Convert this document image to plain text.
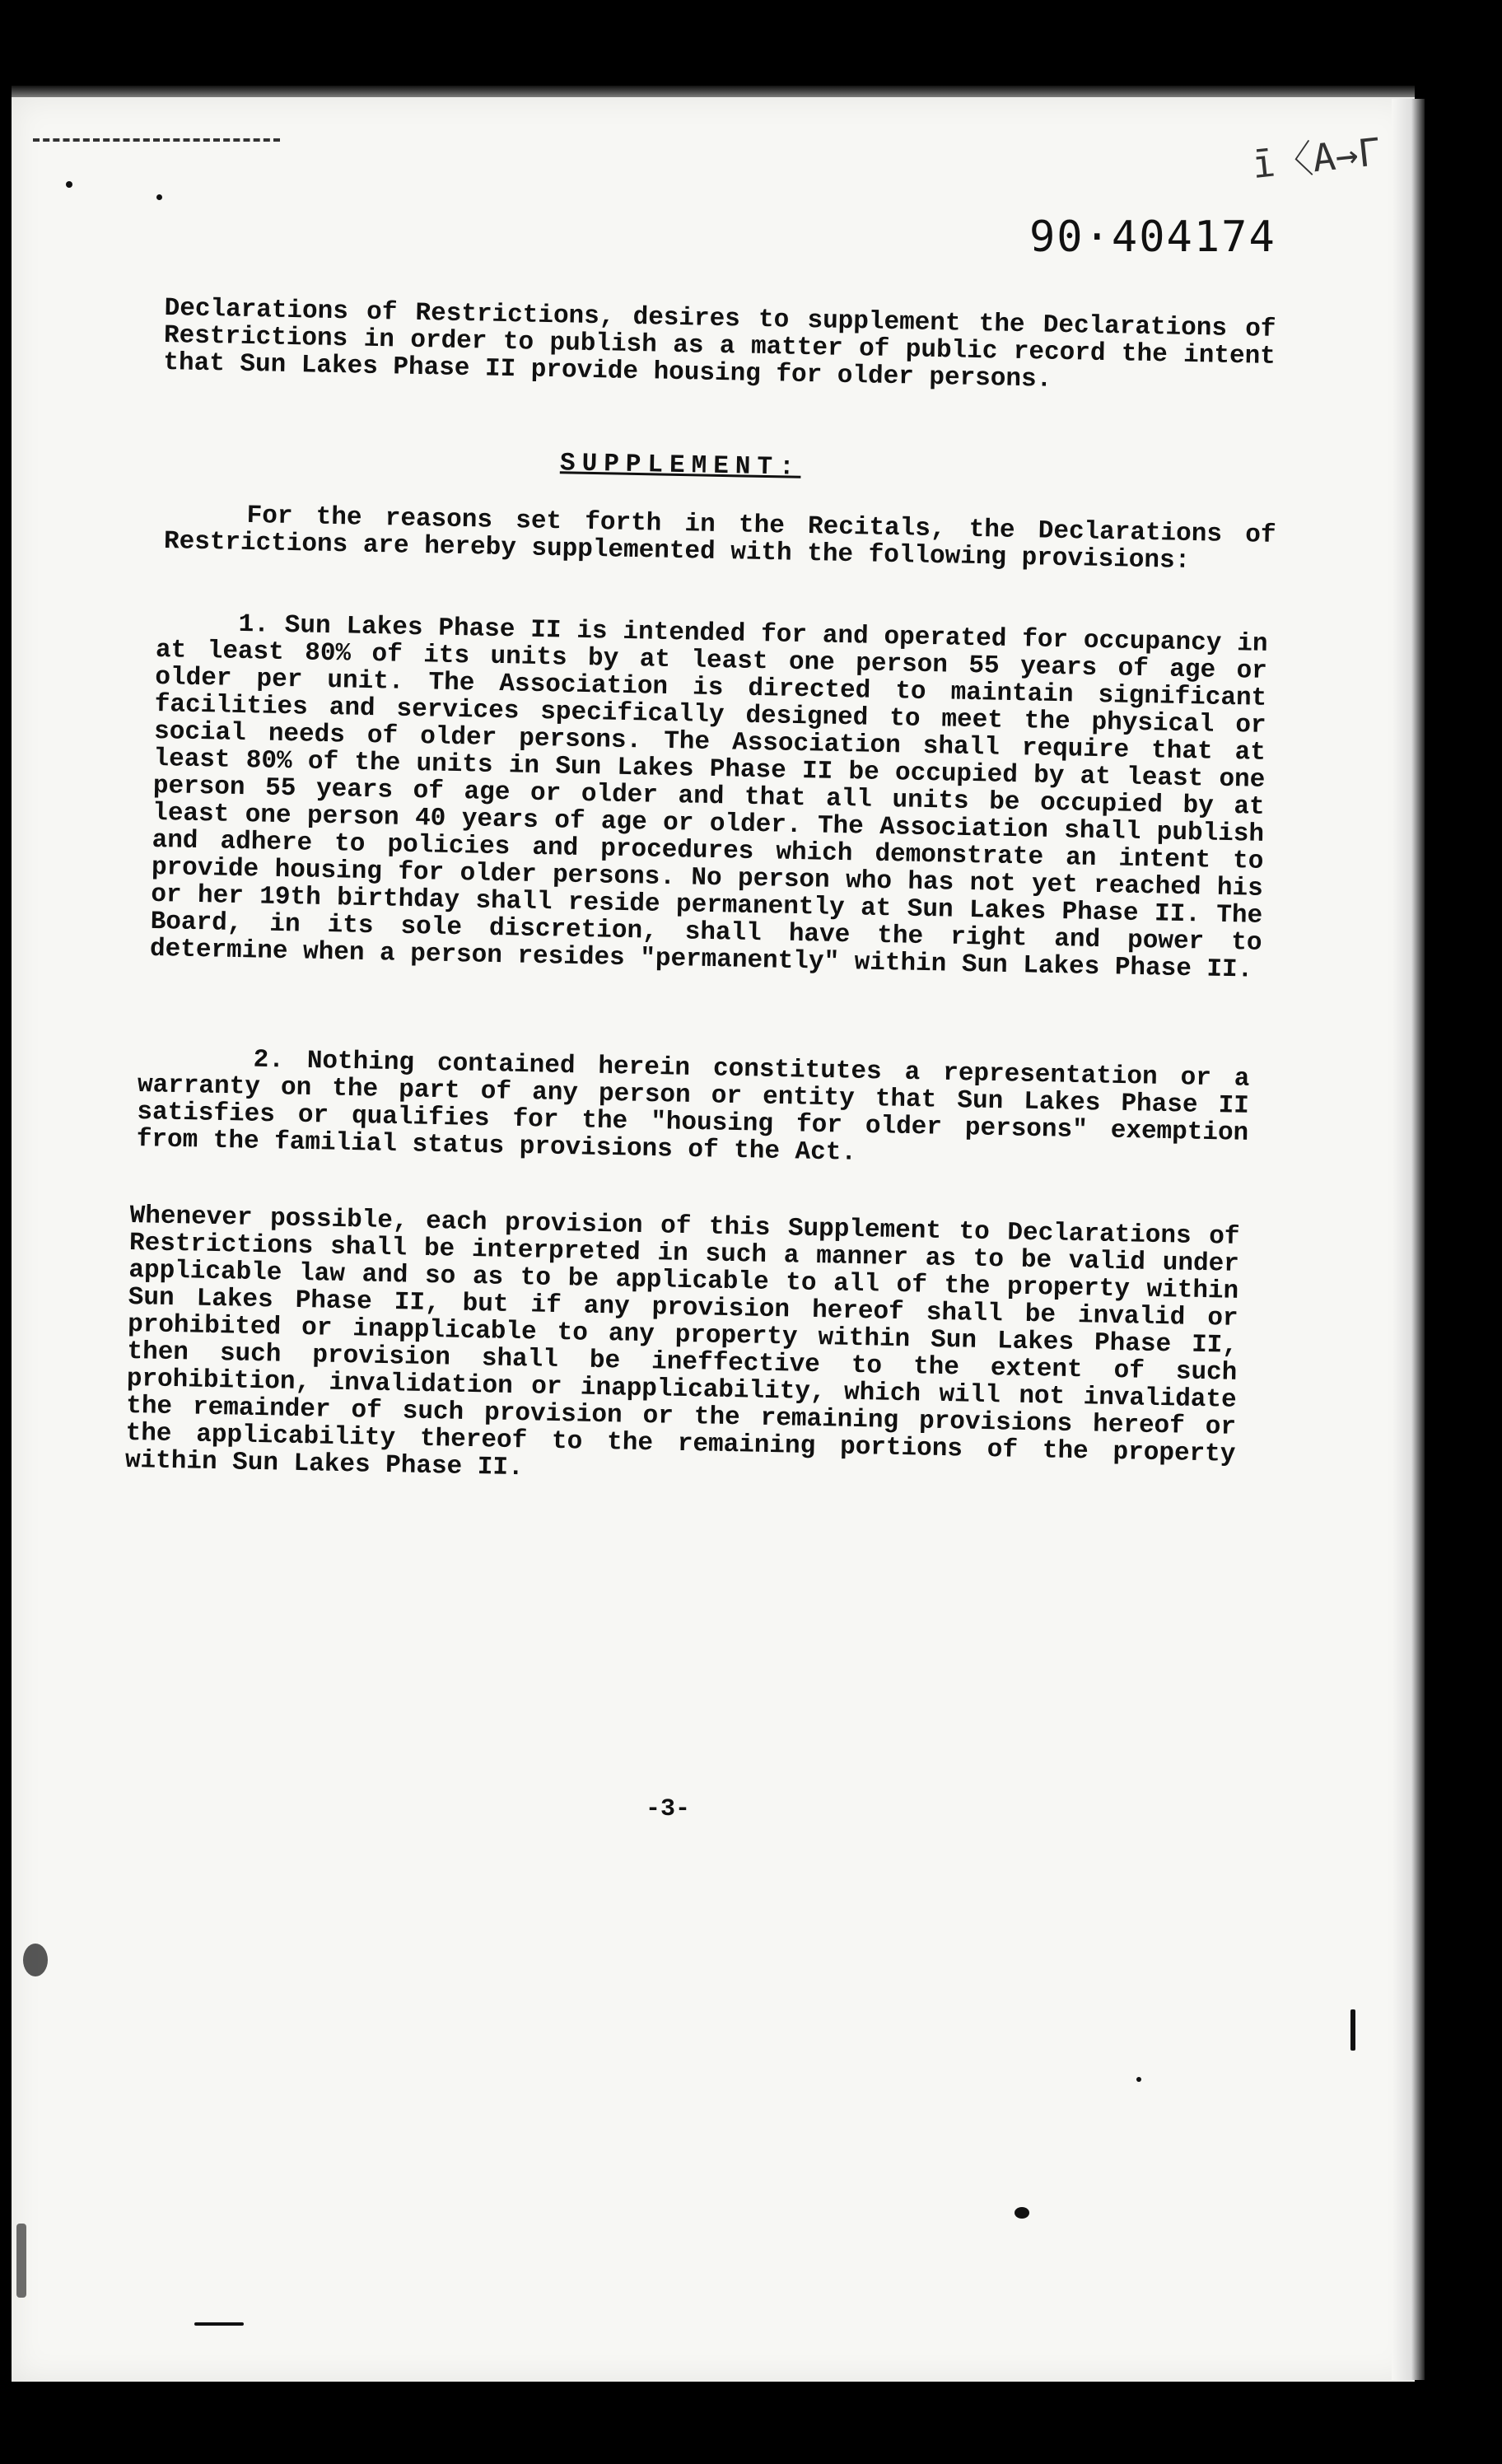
ī〈Α→Γ
90·404174
Declarations of Restrictions, desires to supplement the Declarations of Restrictions in order to publish as a matter of public record the intent that Sun Lakes Phase II provide housing for older persons.
SUPPLEMENT:
For the reasons set forth in the Recitals, the Declarations of Restrictions are hereby supplemented with the following provisions:
1. Sun Lakes Phase II is intended for and operated for occupancy in at least 80% of its units by at least one person 55 years of age or older per unit. The Association is directed to maintain significant facilities and services specifically designed to meet the physical or social needs of older persons. The Association shall require that at least 80% of the units in Sun Lakes Phase II be occupied by at least one person 55 years of age or older and that all units be occupied by at least one person 40 years of age or older. The Association shall publish and adhere to policies and procedures which demonstrate an intent to provide housing for older persons. No person who has not yet reached his or her 19th birthday shall reside permanently at Sun Lakes Phase II. The Board, in its sole discretion, shall have the right and power to determine when a person resides "permanently" within Sun Lakes Phase II.
2. Nothing contained herein constitutes a representation or a warranty on the part of any person or entity that Sun Lakes Phase II satisfies or qualifies for the "housing for older persons" exemption from the familial status provisions of the Act.
Whenever possible, each provision of this Supplement to Declarations of Restrictions shall be interpreted in such a manner as to be valid under applicable law and so as to be applicable to all of the property within Sun Lakes Phase II, but if any provision hereof shall be invalid or prohibited or inapplicable to any property within Sun Lakes Phase II, then such provision shall be ineffective to the extent of such prohibition, invalidation or inapplicability, which will not invalidate the remainder of such provision or the remaining provisions hereof or the applicability thereof to the remaining portions of the property within Sun Lakes Phase II.
-3-
